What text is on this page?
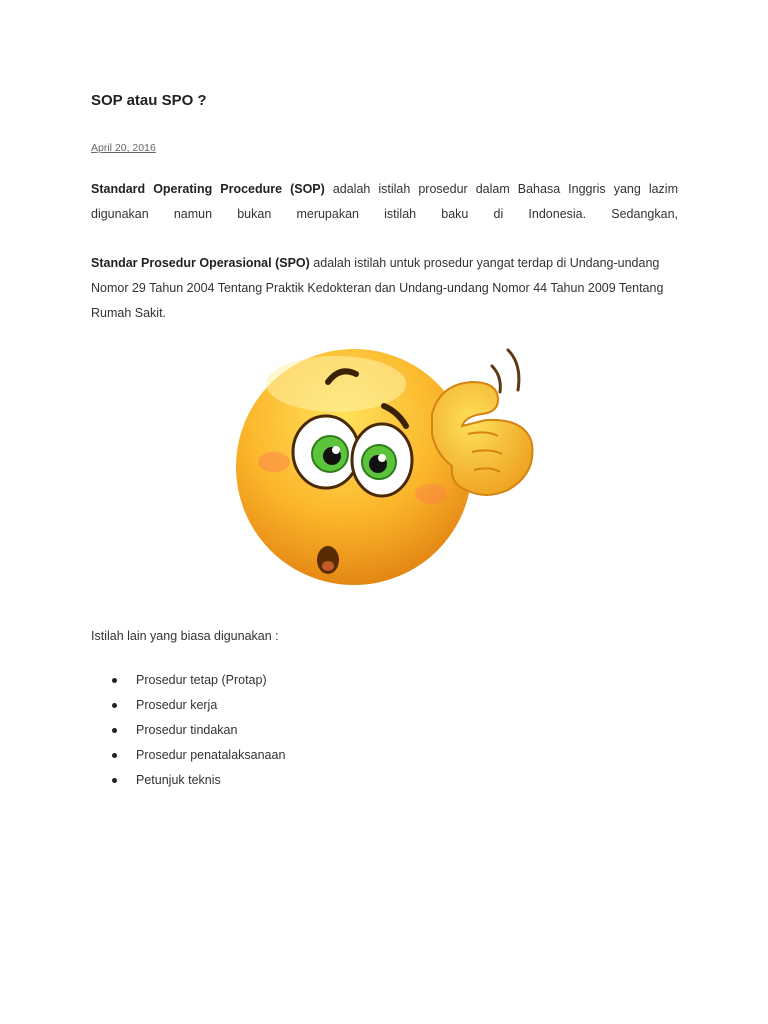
SOP atau SPO ?
April 20, 2016

Standard Operating Procedure (SOP) adalah istilah prosedur dalam Bahasa Inggris yang lazim digunakan namun bukan merupakan istilah baku di Indonesia. Sedangkan,

Standar Prosedur Operasional (SPO) adalah istilah untuk prosedur yangat terdap di Undang-undang Nomor 29 Tahun 2004 Tentang Praktik Kedokteran dan Undang-undang Nomor 44 Tahun 2009 Tentang Rumah Sakit.

Istilah lain yang biasa digunakan :
Prosedur tetap (Protap)
Prosedur kerja
Prosedur tindakan
Prosedur penatalaksanaan
Petunjuk teknis
